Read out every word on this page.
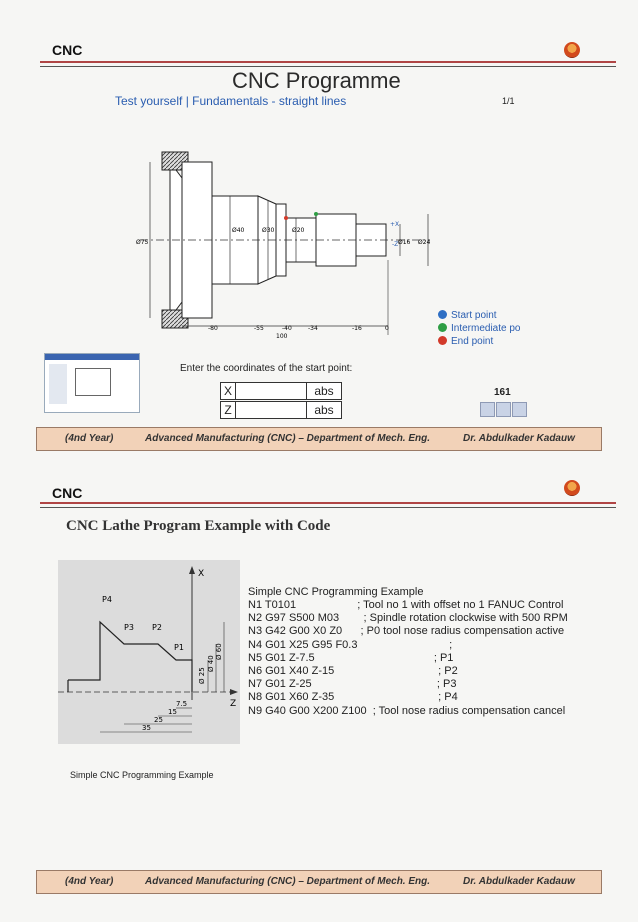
CNC
CNC Programme
Test yourself | Fundamentals - straight lines	1/1
Ø75
Ø40	Ø30	Ø20
Ø16 Ø24
+X
-Z
-80	-55	-40	-34	-16	0
100
Start point
Intermediate po
End point
Enter the coordinates of the start point:
X	abs
Z	abs
161
(4nd Year)	Advanced Manufacturing (CNC) – Department of Mech. Eng.	Dr. Abdulkader Kadauw
CNC
CNC Lathe Program Example with Code
X
Z
P4
P3 P2
P1
Ø 25
Ø 40
Ø 60
7.5
15
25
35
Simple CNC Programming Example
N1 T0101                    ; Tool no 1 with offset no 1 FANUC Control
N2 G97 S500 M03        ; Spindle rotation clockwise with 500 RPM
N3 G42 G00 X0 Z0      ; P0 tool nose radius compensation active
N4 G01 X25 G95 F0.3                              ;
N5 G01 Z-7.5                                       ; P1
N6 G01 X40 Z-15                                  ; P2
N7 G01 Z-25                                         ; P3
N8 G01 X60 Z-35                                  ; P4
N9 G40 G00 X200 Z100  ; Tool nose radius compensation cancel
Simple CNC Programming Example
(4nd Year)	Advanced Manufacturing (CNC) – Department of Mech. Eng.	Dr. Abdulkader Kadauw
